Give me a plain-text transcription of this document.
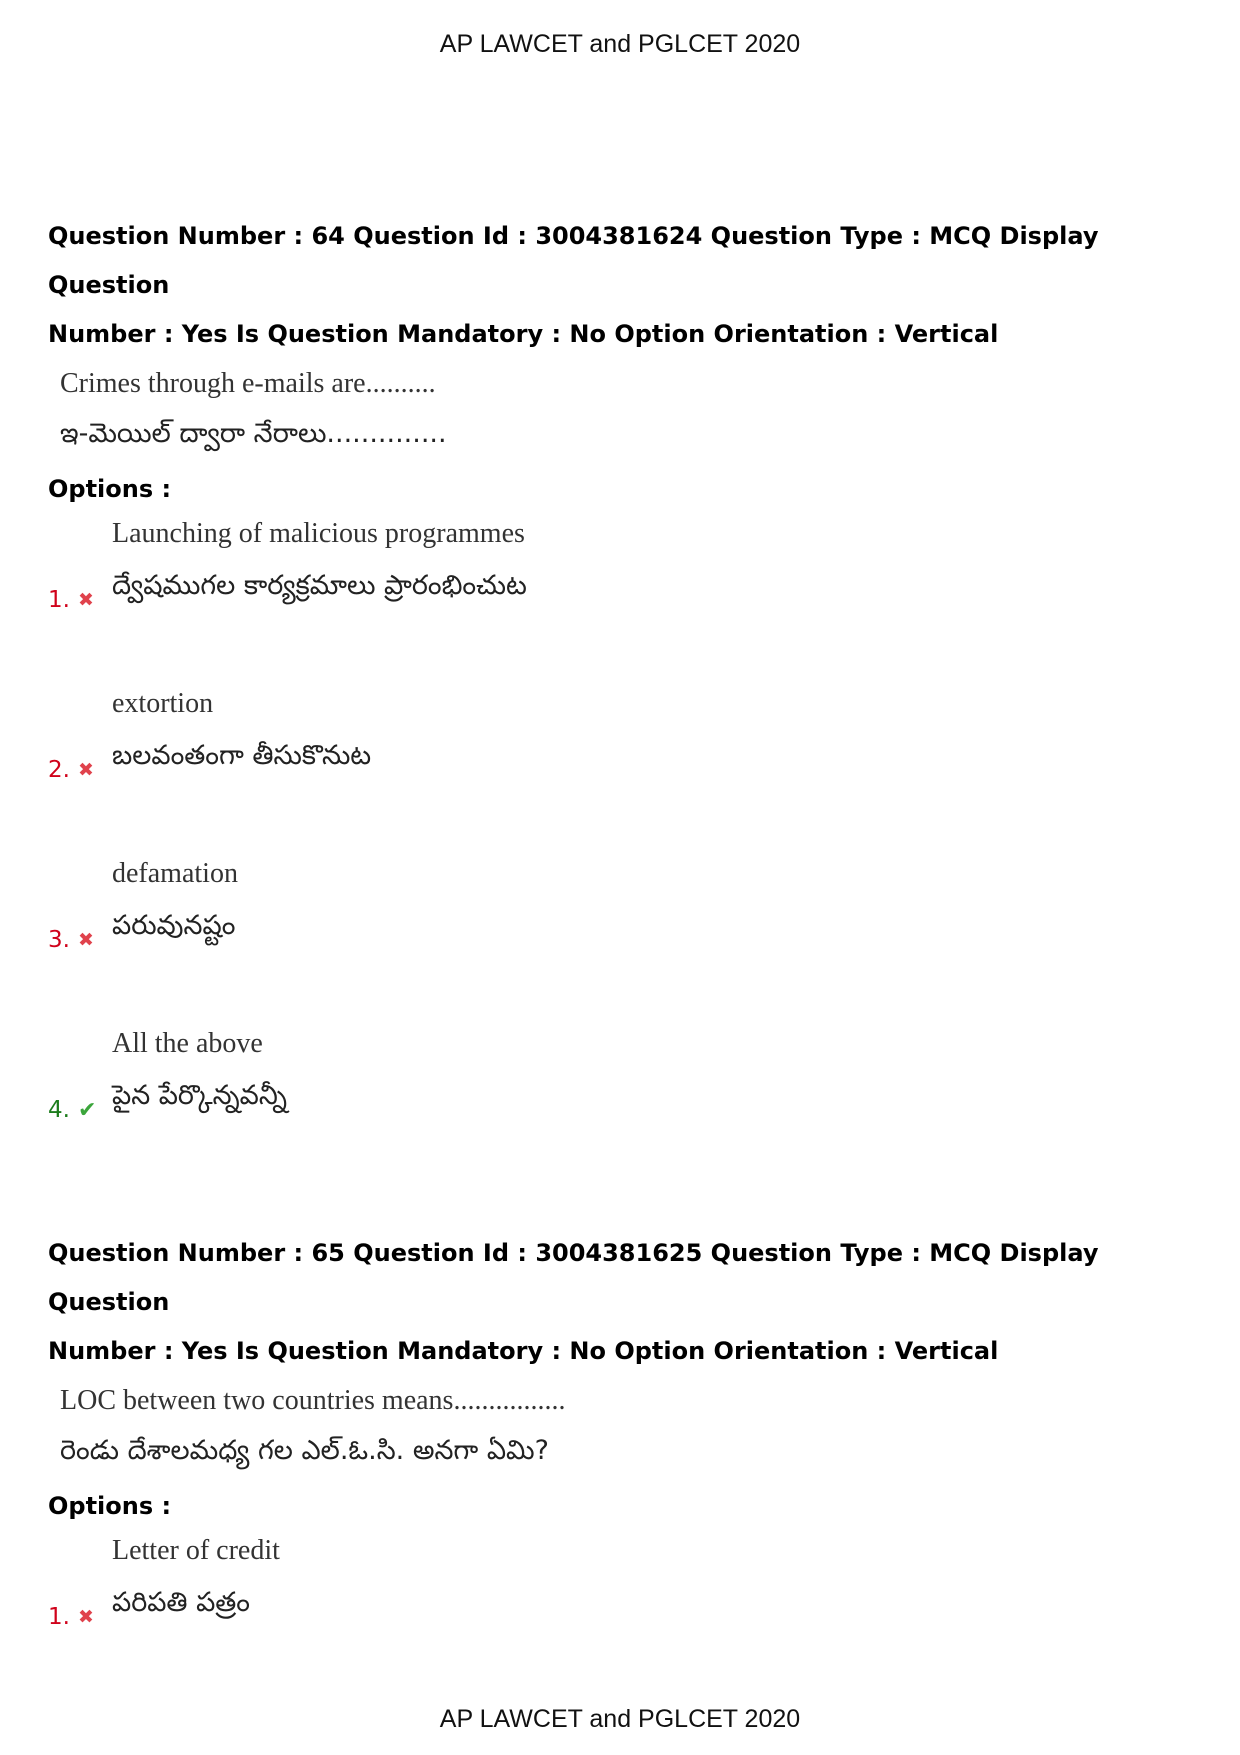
AP LAWCET and PGLCET 2020

Question Number : 64 Question Id : 3004381624 Question Type : MCQ Display Question

Number : Yes Is Question Mandatory : No Option Orientation : Vertical

Crimes through e-mails are..........
ఇ-మెయిల్ ద్వారా నేరాలు..............
Options :
Launching of malicious programmes
ద్వేషముగల కార్యక్రమాలు ప్రారంభించుట
1. ✖
extortion
బలవంతంగా తీసుకొనుట
2. ✖
defamation
పరువునష్టం
3. ✖
All the above
పైన పేర్కొన్నవన్నీ
4. ✔

Question Number : 65 Question Id : 3004381625 Question Type : MCQ Display Question

Number : Yes Is Question Mandatory : No Option Orientation : Vertical

LOC between two countries means................
రెండు దేశాలమధ్య గల ఎల్.ఓ.సి. అనగా ఏమి?
Options :
Letter of credit
పరిపతి పత్రం
1. ✖
AP LAWCET and PGLCET 2020
